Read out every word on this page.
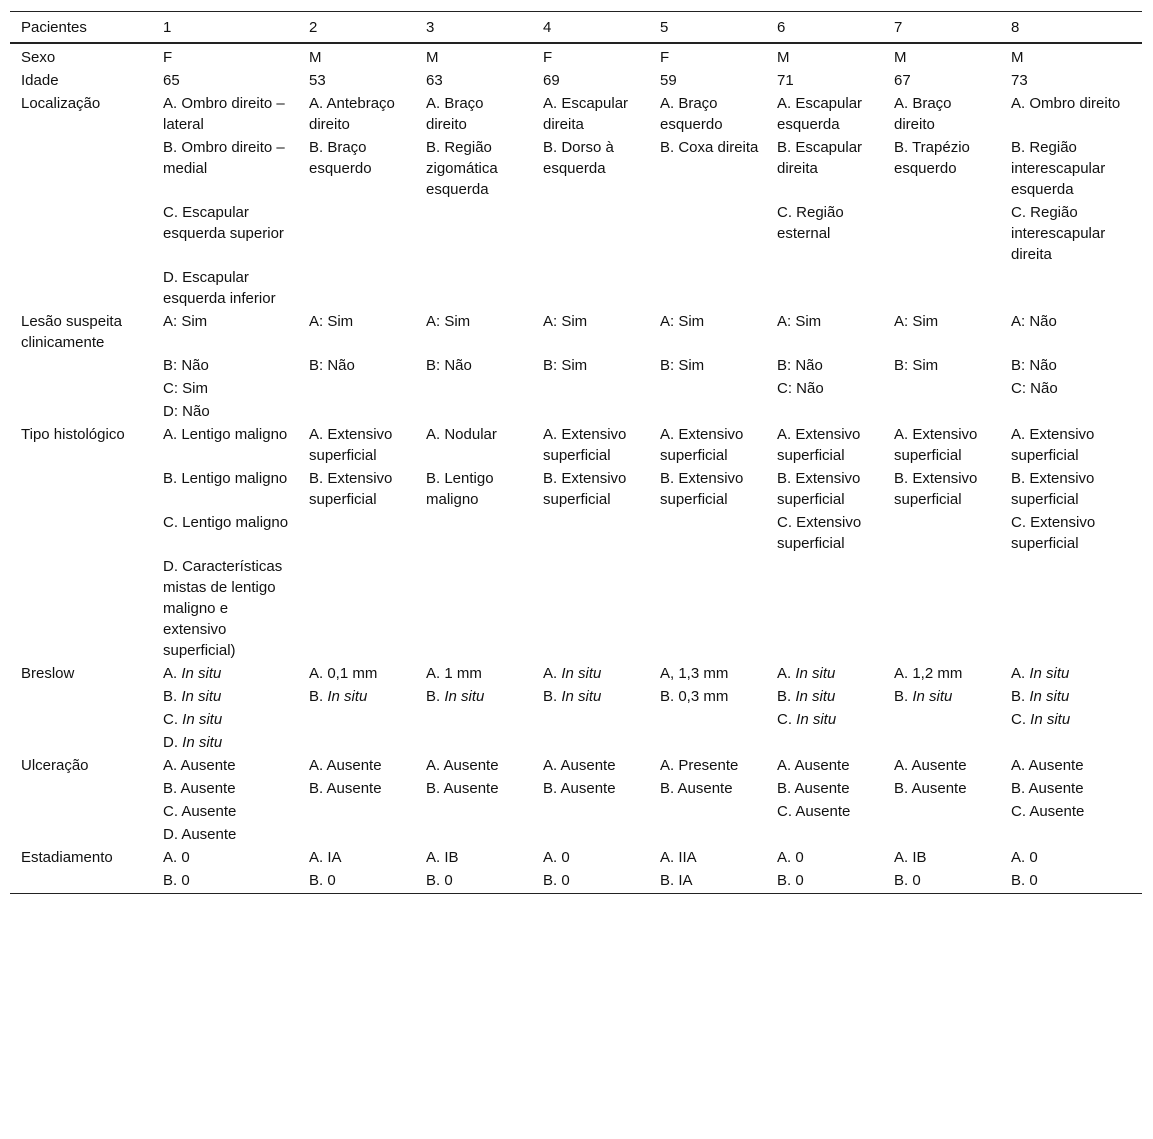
Pacientes	1	2	3	4	5	6	7	8
Sexo	F	M	M	F	F	M	M	M
Idade	65	53	63	69	59	71	67	73
Localização	A. Ombro direito – lateral	A. Antebraço direito	A. Braço direito	A. Escapular direita	A. Braço esquerdo	A. Escapular esquerda	A. Braço direito	A. Ombro direito
	B. Ombro direito – medial	B. Braço esquerdo	B. Região zigomática esquerda	B. Dorso à esquerda	B. Coxa direita	B. Escapular direita	B. Trapézio esquerdo	B. Região interescapular esquerda
	C. Escapular esquerda superior					C. Região esternal		C. Região interescapular direita
	D. Escapular esquerda inferior							
Lesão suspeita clinicamente	A: Sim	A: Sim	A: Sim	A: Sim	A: Sim	A: Sim	A: Sim	A: Não
	B: Não	B: Não	B: Não	B: Sim	B: Sim	B: Não	B: Sim	B: Não
	C: Sim					C: Não		C: Não
	D: Não							
Tipo histológico	A. Lentigo maligno	A. Extensivo superficial	A. Nodular	A. Extensivo superficial	A. Extensivo superficial	A. Extensivo superficial	A. Extensivo superficial	A. Extensivo superficial
	B. Lentigo maligno	B. Extensivo superficial	B. Lentigo maligno	B. Extensivo superficial	B. Extensivo superficial	B. Extensivo superficial	B. Extensivo superficial	B. Extensivo superficial
	C. Lentigo maligno					C. Extensivo superficial		C. Extensivo superficial
	D. Características mistas de lentigo maligno e extensivo superficial)							
Breslow	A. In situ	A. 0,1 mm	A. 1 mm	A. In situ	A, 1,3 mm	A. In situ	A. 1,2 mm	A. In situ
	B. In situ	B. In situ	B. In situ	B. In situ	B. 0,3 mm	B. In situ	B. In situ	B. In situ
	C. In situ					C. In situ		C. In situ
	D. In situ							
Ulceração	A. Ausente	A. Ausente	A. Ausente	A. Ausente	A. Presente	A. Ausente	A. Ausente	A. Ausente
	B. Ausente	B. Ausente	B. Ausente	B. Ausente	B. Ausente	B. Ausente	B. Ausente	B. Ausente
	C. Ausente					C. Ausente		C. Ausente
	D. Ausente							
Estadiamento	A. 0	A. IA	A. IB	A. 0	A. IIA	A. 0	A. IB	A. 0
	B. 0	B. 0	B. 0	B. 0	B. IA	B. 0	B. 0	B. 0
